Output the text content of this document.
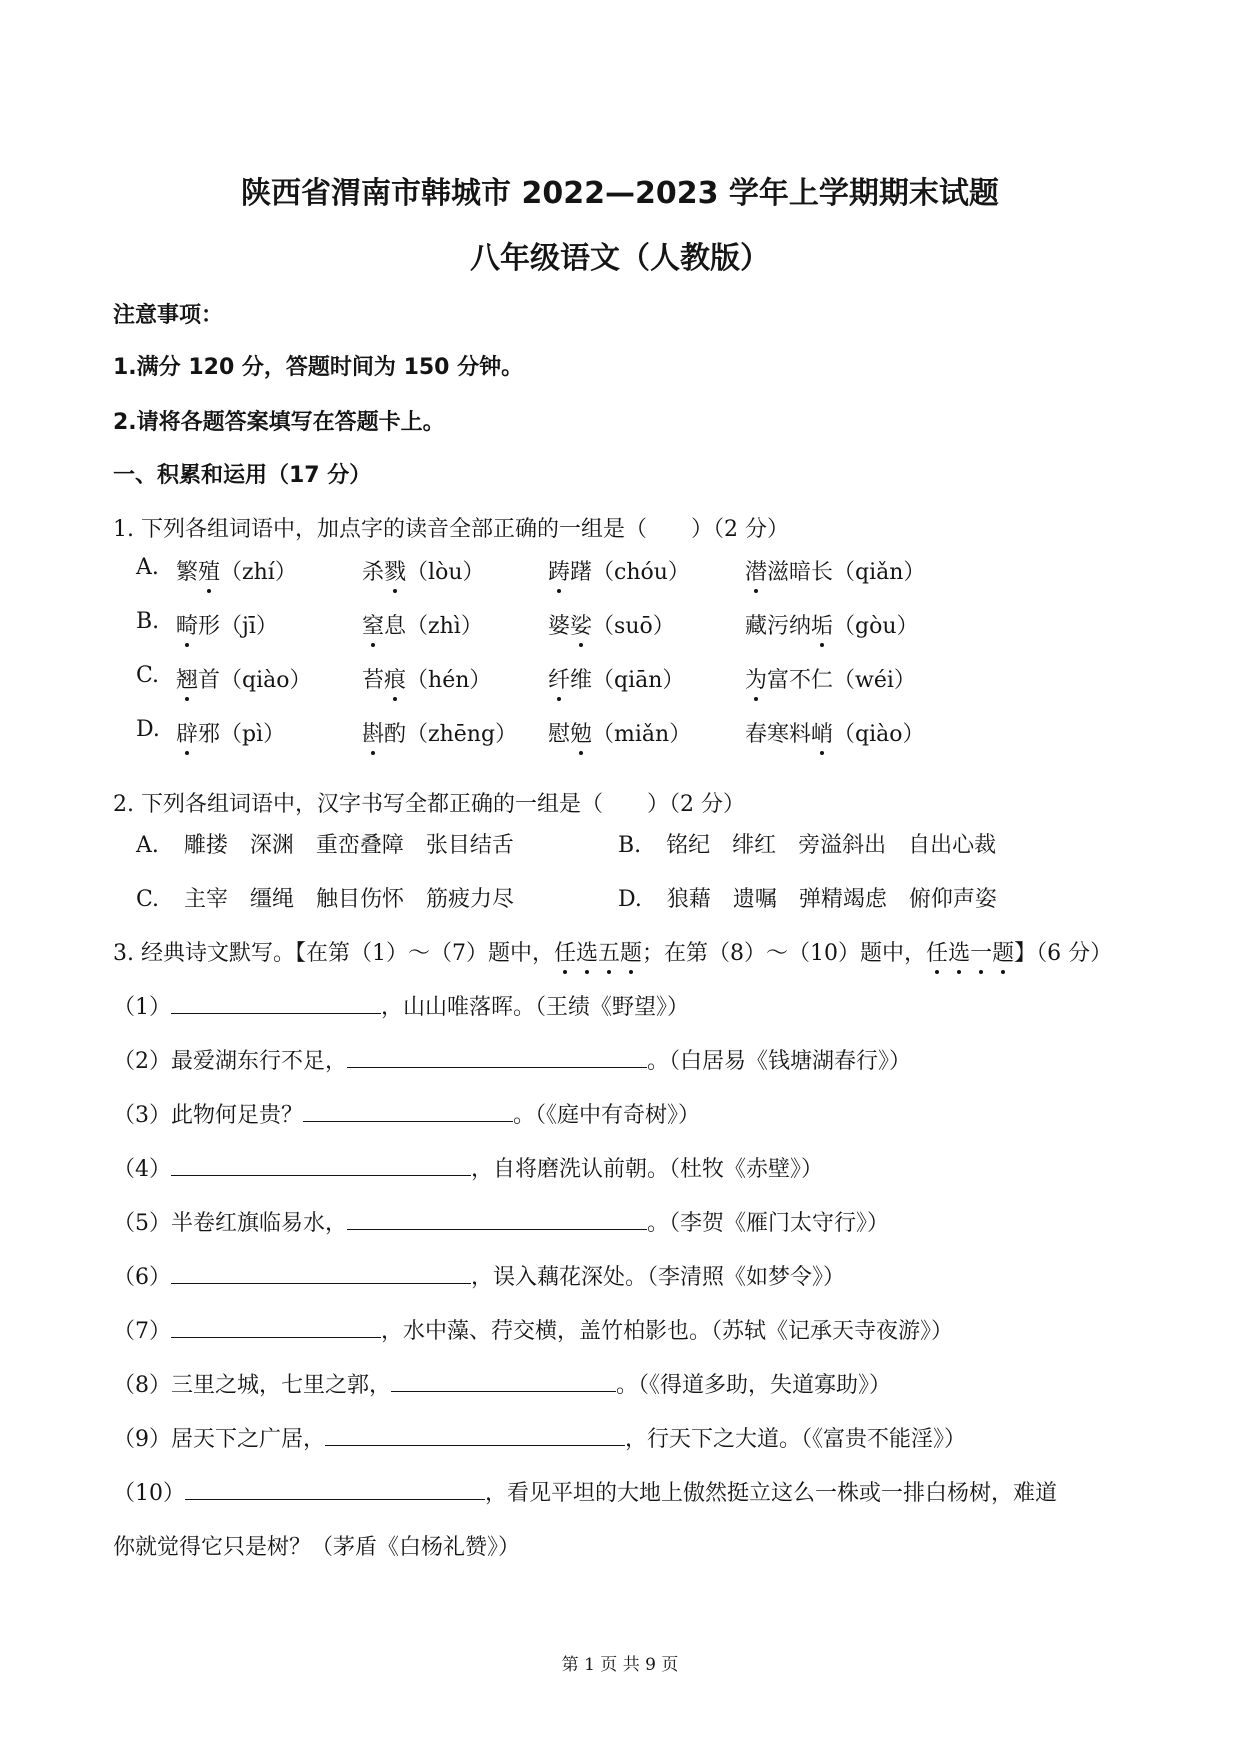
陕西省渭南市韩城市 2022—2023 学年上学期期末试题
八年级语文（人教版）
注意事项：
1.满分 120 分，答题时间为 150 分钟。
2.请将各题答案填写在答题卡上。
一、积累和运用（17 分）
1. 下列各组词语中，加点字的读音全部正确的一组是（　　）（2 分）
A. 繁殖（zhí）	杀戮（lòu）	踌躇（chóu）	潜滋暗长（qiǎn）
B. 畸形（jī）	窒息（zhì）	婆娑（suō）	藏污纳垢（gòu）
C. 翘首（qiào） 苔痕（hén）	纤维（qiān）	为富不仁（wéi）
D. 辟邪（pì）	斟酌（zhēng） 慰勉（miǎn） 春寒料峭（qiào）
2. 下列各组词语中，汉字书写全都正确的一组是（　　）（2 分）
A. 雕搂　深渊　重峦叠障　张目结舌	B. 铭纪　绯红　旁溢斜出　自出心裁
C. 主宰　缰绳　触目伤怀　筋疲力尽	D. 狼藉　遗嘱　弹精竭虑　俯仰声姿
3. 经典诗文默写。【在第（1）～（7）题中，任选五题；在第（8）～（10）题中，任选一题】（6 分）
（1）	，山山唯落晖。（王绩《野望》）
（2）最爱湖东行不足，	。（白居易《钱塘湖春行》）
（3）此物何足贵？	。（《庭中有奇树》）
（4）	，自将磨洗认前朝。（杜牧《赤壁》）
（5）半卷红旗临易水，	。（李贺《雁门太守行》）
（6）	，误入藕花深处。（李清照《如梦令》）
（7）	，水中藻、荇交横，盖竹柏影也。（苏轼《记承天寺夜游》）
（8）三里之城，七里之郭，	。（《得道多助，失道寡助》）
（9）居天下之广居，	，行天下之大道。（《富贵不能淫》）
（10）	，看见平坦的大地上傲然挺立这么一株或一排白杨树，难道
你就觉得它只是树？（茅盾《白杨礼赞》）
第 1 页 共 9 页
